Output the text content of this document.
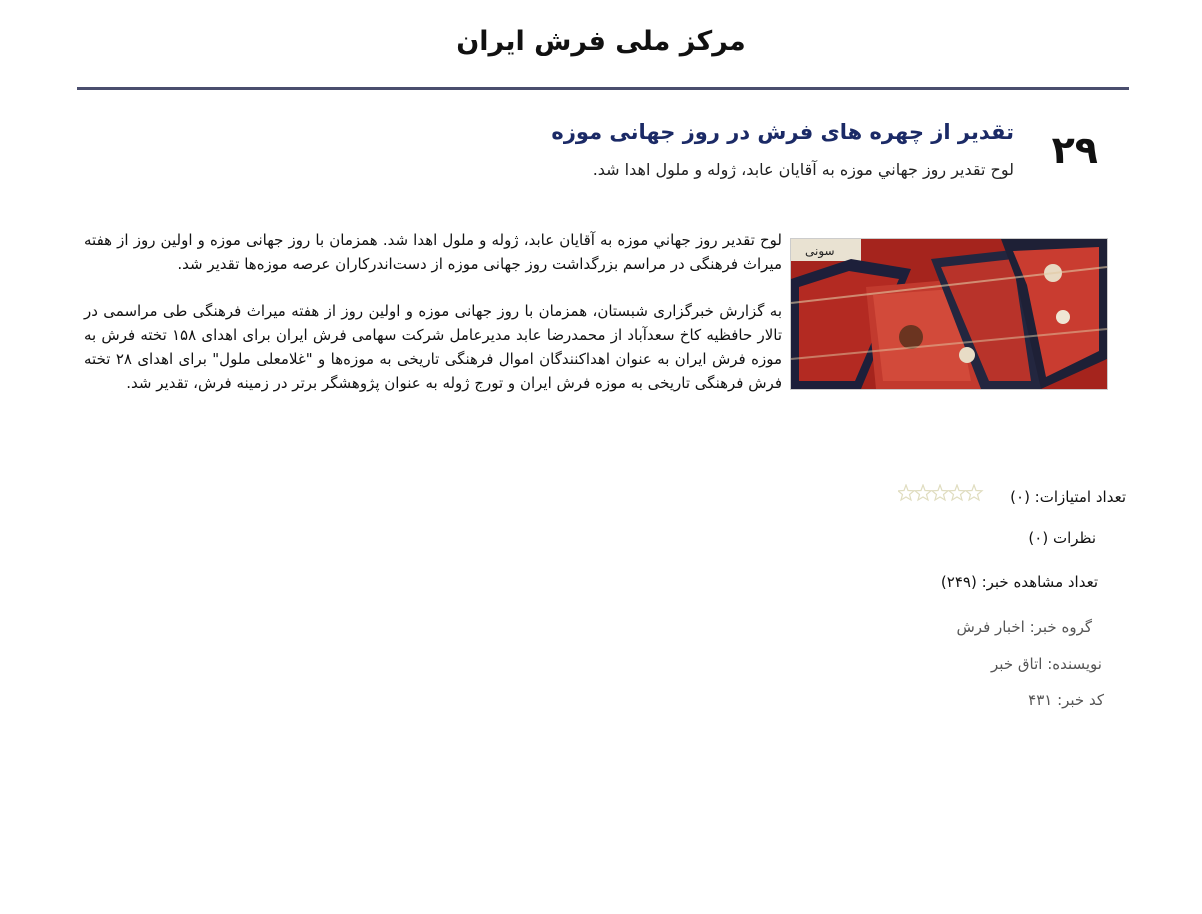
مرکز ملی فرش ایران
۲۹
تقدیر از چهره های فرش در روز جهانی موزه
لوح تقدیر روز جهاني موزه به آقایان عابد، ژوله و ملول اهدا شد.
ﺳﻮﻧﯽ

لوح تقدیر روز جهاني موزه به آقایان عابد، ژوله و ملول اهدا شد. همزمان با روز جهانی موزه و اولین روز از هفته میراث فرهنگی در مراسم بزرگداشت روز جهانی موزه از دست‌اندرکاران عرصه موزه‌ها تقدیر شد.

به گزارش خبرگزاری شبستان، همزمان با روز جهانی موزه و اولین روز از هفته میراث فرهنگی طی مراسمی در تالار حافظیه کاخ سعدآباد از محمدرضا عابد مدیرعامل شرکت سهامی فرش ایران برای اهدای ۱۵۸ تخته فرش به موزه فرش ایران به عنوان اهداکنندگان اموال فرهنگی تاریخی به موزه‌ها و "غلامعلی ملول" برای اهدای ۲۸ تخته فرش فرهنگی تاریخی به موزه فرش ایران و تورج ژوله به عنوان پژوهشگر برتر در زمینه فرش، تقدیر شد.

تعداد امتیازات: (۰)
نظرات (۰)
تعداد مشاهده خبر: (۲۴۹)
گروه خبر: اخبار فرش
نویسنده: اتاق خبر
کد خبر: ۴۳۱
